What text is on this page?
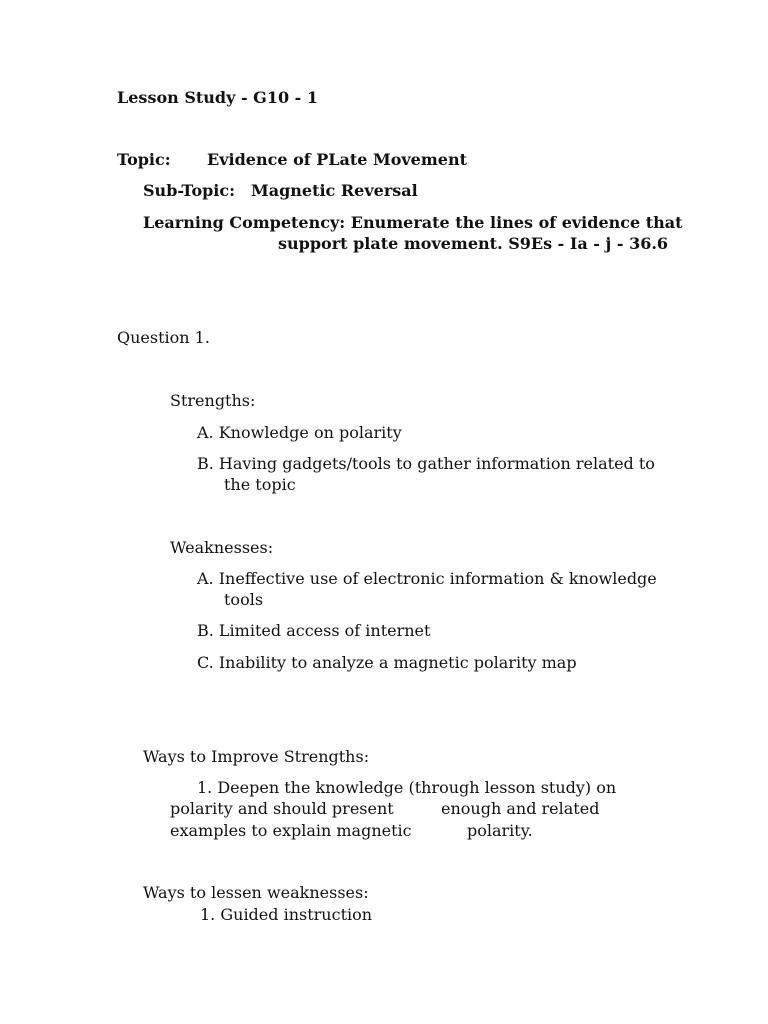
Lesson Study - G10 - 1
Topic: Evidence of PLate Movement
Sub-Topic: Magnetic Reversal
Learning Competency: Enumerate the lines of evidence that
support plate movement. S9Es - Ia - j - 36.6
Question 1.
Strengths:
A. Knowledge on polarity
B. Having gadgets/tools to gather information related to
the topic
Weaknesses:
A. Ineffective use of electronic information & knowledge
tools
B. Limited access of internet
C. Inability to analyze a magnetic polarity map
Ways to Improve Strengths:
1. Deepen the knowledge (through lesson study) on
polarity and should present	enough and related
examples to explain magnetic	polarity.
Ways to lessen weaknesses:
1. Guided instruction
